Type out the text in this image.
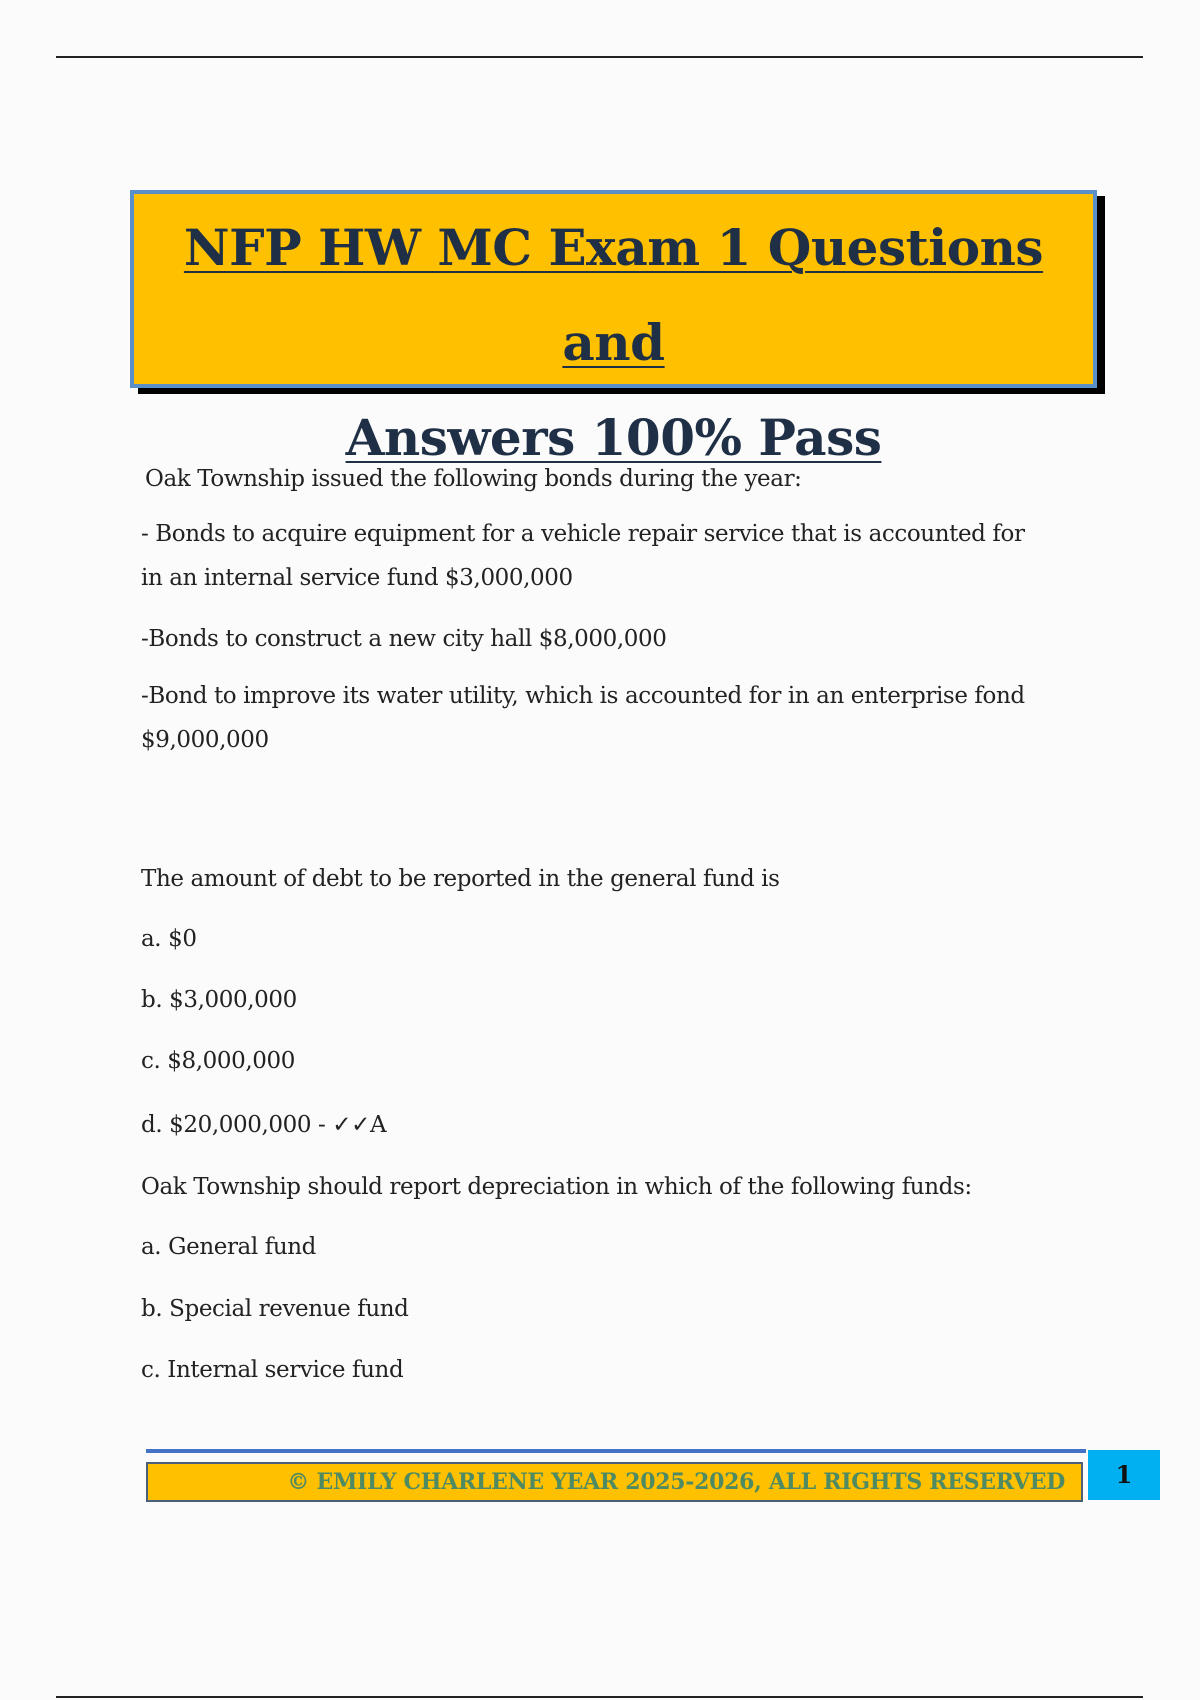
NFP HW MC Exam 1 Questions and
Answers 100% Pass
Oak Township issued the following bonds during the year:
- Bonds to acquire equipment for a vehicle repair service that is accounted for in an internal service fund $3,000,000
-Bonds to construct a new city hall $8,000,000
-Bond to improve its water utility, which is accounted for in an enterprise fond $9,000,000
The amount of debt to be reported in the general fund is
a. $0
b. $3,000,000
c. $8,000,000
d. $20,000,000 - ✓✓A
Oak Township should report depreciation in which of the following funds:
a. General fund
b. Special revenue fund
c. Internal service fund
© EMILY CHARLENE YEAR 2025-2026, ALL RIGHTS RESERVED	1
